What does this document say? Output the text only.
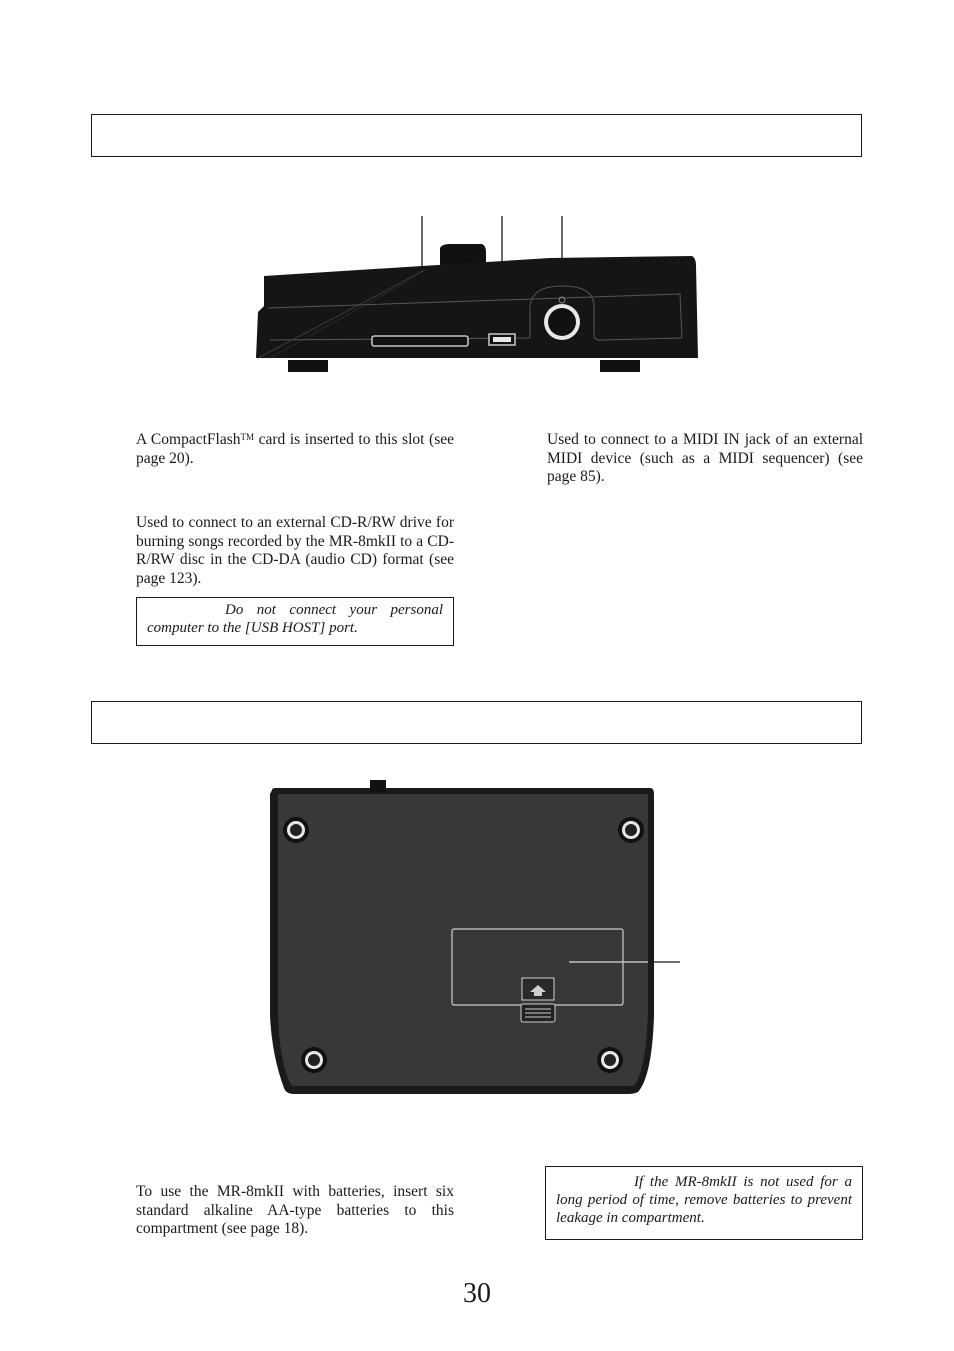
A CompactFlash™ card is inserted to this slot (see page 20).

Used to connect to an external CD-R/RW drive for burning songs recorded by the MR-8mkII to a CD-R/RW disc in the CD-DA (audio CD) format (see page 123).

Do not connect your personal computer to the [USB HOST] port.

Used to connect to a MIDI IN jack of an external MIDI device (such as a MIDI sequencer) (see page 85).

To use the MR-8mkII with batteries, insert six standard alkaline AA-type batteries to this compartment (see page 18).

If the MR-8mkII is not used for a long period of time, remove batteries to prevent leakage in compartment.
30
